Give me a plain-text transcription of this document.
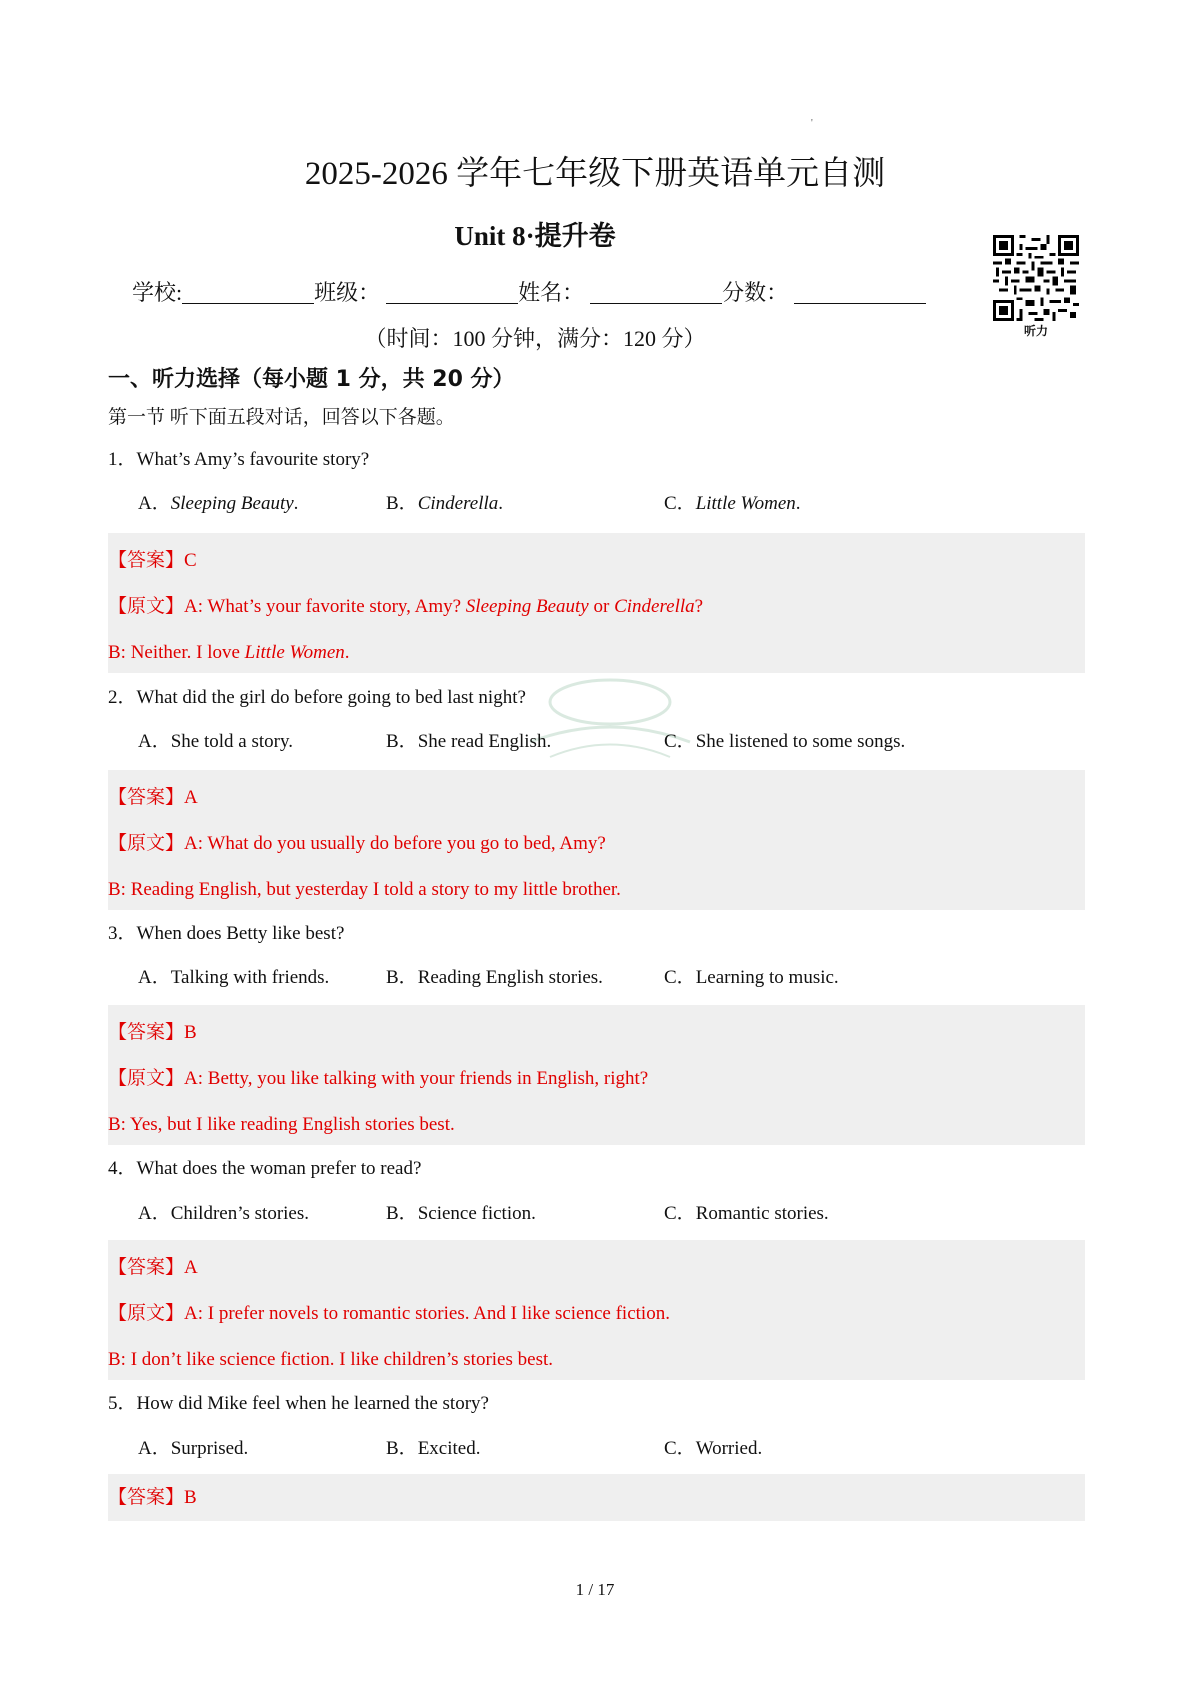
'
2025-2026 学年七年级下册英语单元自测
Unit 8·提升卷
听力
学校:	班级：	姓名：	分数：
（时间：100 分钟，满分：120 分）
一、听力选择（每小题 1 分，共 20 分）
第一节 听下面五段对话，回答以下各题。
1．What’s Amy’s favourite story?
A．Sleeping Beauty.	B．Cinderella.	C．Little Women.
【答案】C
【原文】A: What’s your favorite story, Amy? Sleeping Beauty or Cinderella?
B: Neither. I love Little Women.
2．What did the girl do before going to bed last night?
A．She told a story.	B．She read English.	C．She listened to some songs.
【答案】A
【原文】A: What do you usually do before you go to bed, Amy?
B: Reading English, but yesterday I told a story to my little brother.
3．When does Betty like best?
A．Talking with friends.	B．Reading English stories.	C．Learning to music.
【答案】B
【原文】A: Betty, you like talking with your friends in English, right?
B: Yes, but I like reading English stories best.
4．What does the woman prefer to read?
A．Children’s stories.	B．Science fiction.	C．Romantic stories.
【答案】A
【原文】A: I prefer novels to romantic stories. And I like science fiction.
B: I don’t like science fiction. I like children’s stories best.
5．How did Mike feel when he learned the story?
A．Surprised.	B．Excited.	C．Worried.
【答案】B
1 / 17
